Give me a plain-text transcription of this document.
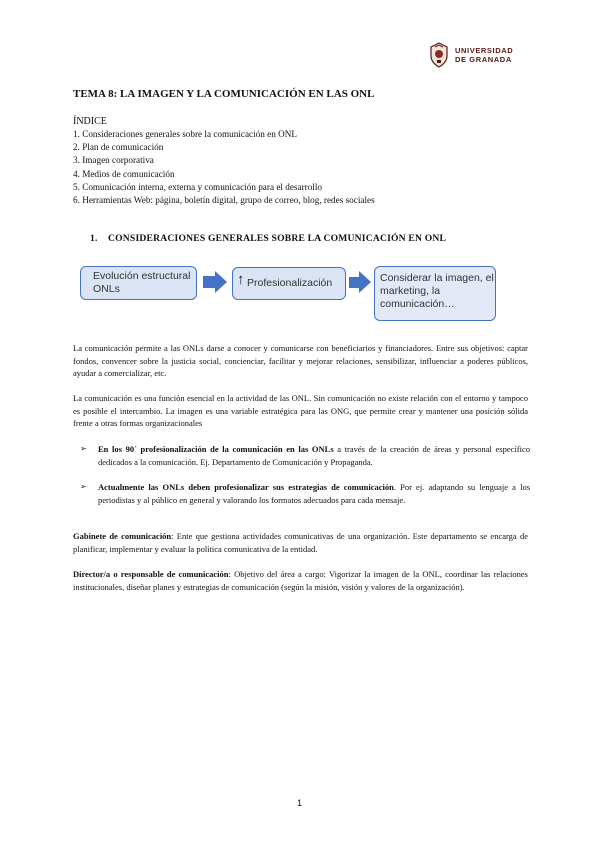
UNIVERSIDAD
DE GRANADA
TEMA 8: LA IMAGEN Y LA COMUNICACIÓN EN LAS ONL
ÍNDICE
1. Consideraciones generales sobre la comunicación en ONL
2. Plan de comunicación
3. Imagen corporativa
4. Medios de comunicación
5. Comunicación interna, externa y comunicación para el desarrollo
6. Herramientas Web: página, boletín digital, grupo de correo, blog, redes sociales
1. CONSIDERACIONES GENERALES SOBRE LA COMUNICACIÓN EN ONL
Evolución estructural ONLs
↑ Profesionalización	Considerar la imagen, el marketing, la comunicación…

La comunicación permite a las ONLs darse a conocer y comunicarse con beneficiarios y financiadores. Entre sus objetivos: captar fondos, convencer sobre la justicia social, concienciar, facilitar y mejorar relaciones, sensibilizar, influenciar a poderes públicos, ayudar a comercializar, etc.

La comunicación es una función esencial en la actividad de las ONL. Sin comunicación no existe relación con el entorno y tampoco es posible el intercambio. La imagen es una variable estratégica para las ONG, que permite crear y mantener una posición sólida frente a otras formas organizacionales

➢ En los 90´ profesionalización de la comunicación en las ONLs a través de la creación de áreas y personal específico dedicados a la comunicación. Ej. Departamento de Comunicación y Propaganda.
➢ Actualmente las ONLs deben profesionalizar sus estrategias de comunicación. Por ej. adaptando su lenguaje a los periodistas y al público en general y valorando los formatos adecuados para cada mensaje.

Gabinete de comunicación: Ente que gestiona actividades comunicativas de una organización. Este departamento se encarga de planificar, implementar y evaluar la política comunicativa de la entidad.

Director/a o responsable de comunicación: Objetivo del área a cargo: Vigorizar la imagen de la ONL, coordinar las relaciones institucionales, diseñar planes y estrategias de comunicación (según la misión, visión y valores de la organización).

1
